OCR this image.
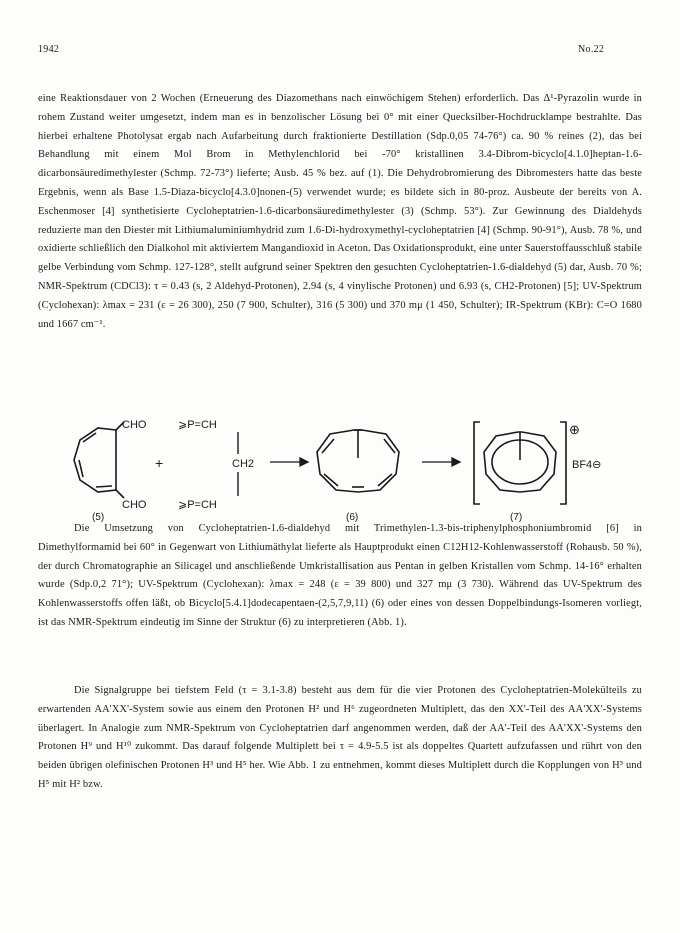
1942	No.22

eine Reaktionsdauer von 2 Wochen (Erneuerung des Diazomethans nach einwöchigem Stehen) erforderlich. Das Δ¹-Pyrazolin wurde in rohem Zustand weiter umgesetzt, indem man es in benzolischer Lösung bei 0° mit einer Quecksilber-Hochdrucklampe bestrahlte. Das hierbei erhaltene Photolysat ergab nach Aufarbeitung durch fraktionierte Destillation (Sdp.0,05 74-76°) ca. 90 % reines (2), das bei Behandlung mit einem Mol Brom in Methylenchlorid bei -70° kristallinen 3.4-Dibrom-bicyclo[4.1.0]heptan-1.6-dicarbonsäuredimethylester (Schmp. 72-73°) lieferte; Ausb. 45 % bez. auf (1). Die Dehydrobromierung des Dibromesters hatte das beste Ergebnis, wenn als Base 1.5-Diaza-bicyclo[4.3.0]nonen-(5) verwendet wurde; es bildete sich in 80-proz. Ausbeute der bereits von A. Eschenmoser [4] synthetisierte Cycloheptatrien-1.6-dicarbonsäuredimethylester (3) (Schmp. 53°). Zur Gewinnung des Dialdehyds reduzierte man den Diester mit Lithiumaluminiumhydrid zum 1.6-Di-hydroxymethyl-cycloheptatrien [4] (Schmp. 90-91°), Ausb. 78 %, und oxidierte schließlich den Dialkohol mit aktiviertem Mangandioxid in Aceton. Das Oxidationsprodukt, eine unter Sauerstoffausschluß stabile gelbe Verbindung vom Schmp. 127-128°, stellt aufgrund seiner Spektren den gesuchten Cycloheptatrien-1.6-dialdehyd (5) dar, Ausb. 70 %; NMR-Spektrum (CDCl3): τ = 0.43 (s, 2 Aldehyd-Protonen), 2.94 (s, 4 vinylische Protonen) und 6.93 (s, CH2-Protonen) [5]; UV-Spektrum (Cyclohexan): λmax = 231 (ε = 26 300), 250 (7 900, Schulter), 316 (5 300) und 370 mμ (1 450, Schulter); IR-Spektrum (KBr): C=O 1680 und 1667 cm⁻¹.

CHO
CHO
(5)
+
⩾P=CH
CH2
⩾P=CH
(6)
⊕
BF4⊖
(7)

Die Umsetzung von Cycloheptatrien-1.6-dialdehyd mit Trimethylen-1.3-bis-triphenylphosphoniumbromid [6] in Dimethylformamid bei 60° in Gegenwart von Lithiumäthylat lieferte als Hauptprodukt einen C12H12-Kohlenwasserstoff (Rohausb. 50 %), der durch Chromatographie an Silicagel und anschließende Umkristallisation aus Pentan in gelben Kristallen vom Schmp. 14-16° erhalten wurde (Sdp.0,2 71°); UV-Spektrum (Cyclohexan): λmax = 248 (ε = 39 800) und 327 mμ (3 730). Während das UV-Spektrum des Kohlenwasserstoffs offen läßt, ob Bicyclo[5.4.1]dodecapentaen-(2,5,7,9,11) (6) oder eines von dessen Doppelbindungs-Isomeren vorliegt, ist das NMR-Spektrum eindeutig im Sinne der Struktur (6) zu interpretieren (Abb. 1).

Die Signalgruppe bei tiefstem Feld (τ = 3.1-3.8) besteht aus dem für die vier Protonen des Cycloheptatrien-Molekülteils zu erwartenden AA'XX'-System sowie aus einem den Protonen H² und H⁶ zugeordneten Multiplett, das den XX'-Teil des AA'XX'-Systems überlagert. In Analogie zum NMR-Spektrum von Cycloheptatrien darf angenommen werden, daß der AA'-Teil des AA'XX'-Systems den Protonen H⁹ und H¹⁰ zukommt. Das darauf folgende Multiplett bei τ = 4.9-5.5 ist als doppeltes Quartett aufzufassen und rührt von den beiden übrigen olefinischen Protonen H³ und H⁵ her. Wie Abb. 1 zu entnehmen, kommt dieses Multiplett durch die Kopplungen von H³ und H⁵ mit H² bzw.
